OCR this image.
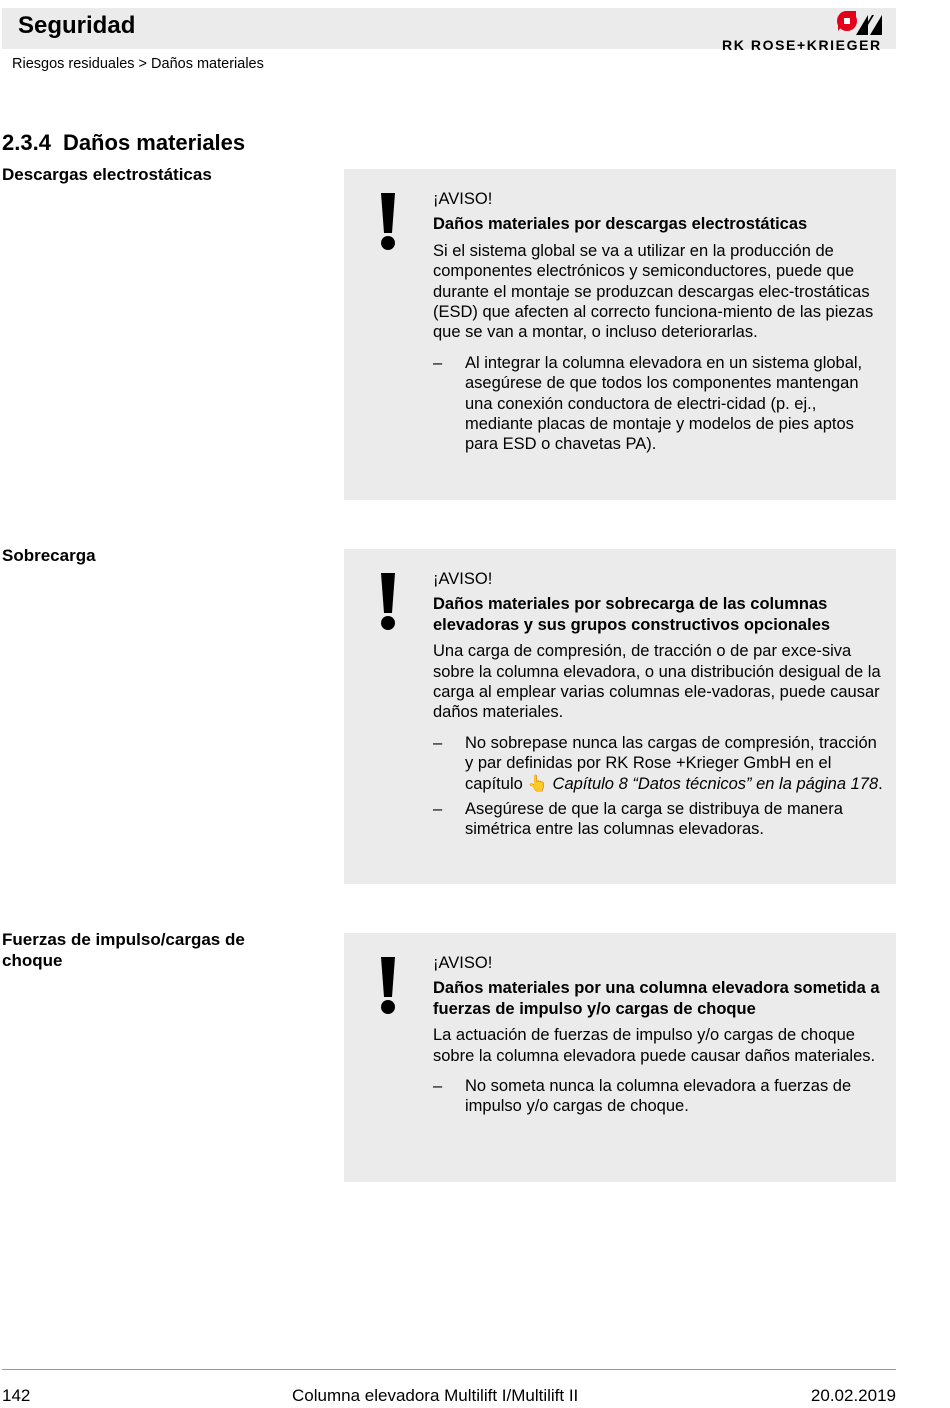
Seguridad
Riesgos residuales > Daños materiales
RK ROSE+KRIEGER
2.3.4 Daños materiales
Descargas electrostáticas

¡AVISO!

Daños materiales por descargas electrostáticas

Si el sistema global se va a utilizar en la producción de componentes electrónicos y semiconductores, puede que durante el montaje se produzcan descargas elec-trostáticas (ESD) que afecten al correcto funciona-miento de las piezas que se van a montar, o incluso deteriorarlas.

– Al integrar la columna elevadora en un sistema global, asegúrese de que todos los componentes mantengan una conexión conductora de electri-cidad (p. ej., mediante placas de montaje y modelos de pies aptos para ESD o chavetas PA).
Sobrecarga

¡AVISO!

Daños materiales por sobrecarga de las columnas elevadoras y sus grupos constructivos opcionales

Una carga de compresión, de tracción o de par exce-siva sobre la columna elevadora, o una distribución desigual de la carga al emplear varias columnas ele-vadoras, puede causar daños materiales.

– No sobrepase nunca las cargas de compresión, tracción y par definidas por RK Rose +Krieger GmbH en el capítulo 👆 Capítulo 8 “Datos técnicos” en la página 178.
– Asegúrese de que la carga se distribuya de manera simétrica entre las columnas elevadoras.
Fuerzas de impulso/cargas de choque	¡AVISO!

Daños materiales por una columna elevadora sometida a fuerzas de impulso y/o cargas de choque

La actuación de fuerzas de impulso y/o cargas de choque sobre la columna elevadora puede causar daños materiales.

– No someta nunca la columna elevadora a fuerzas de impulso y/o cargas de choque.
142	Columna elevadora Multilift I/Multilift II	20.02.2019
